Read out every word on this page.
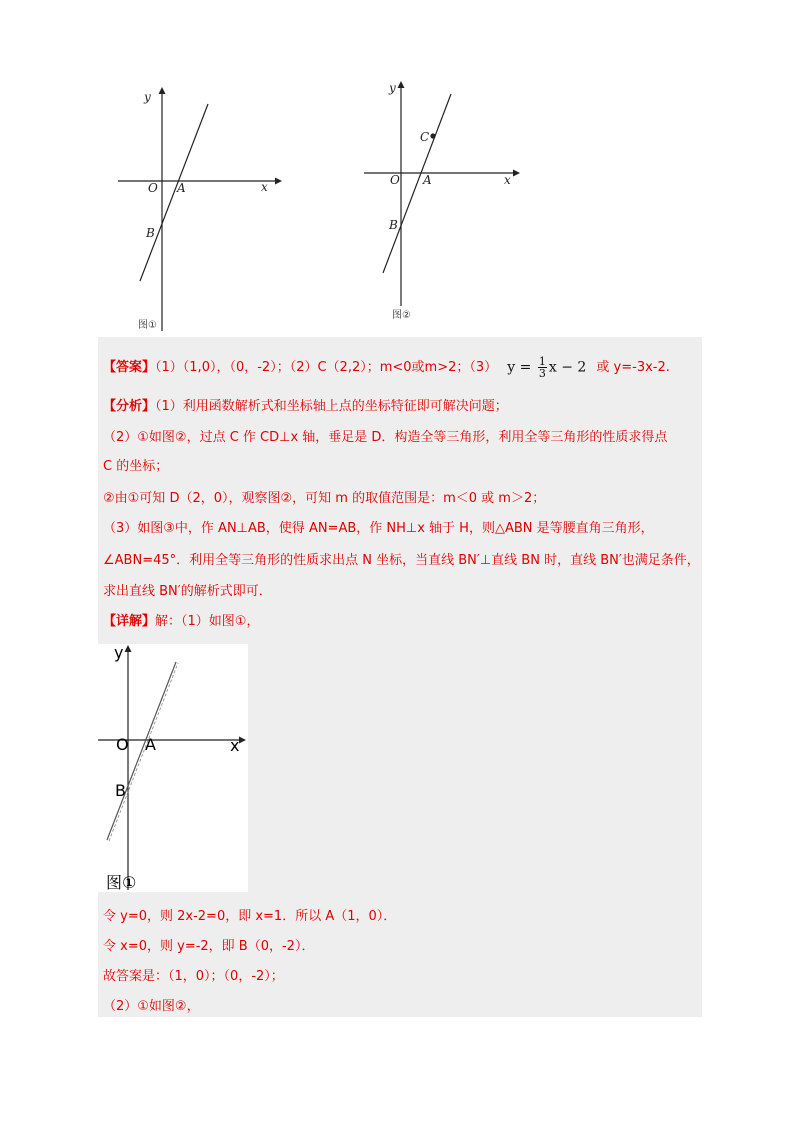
y
x
O A
B
图①
y
x
O A
B
C
图②
【答案】（1）（1,0），（0，-2）；（2）C（2,2）；m<0或m>2；（3） $y = \frac{1}{3}$ x − 2 或 y=-3x-2.
【分析】（1）利用函数解析式和坐标轴上点的坐标特征即可解决问题；
（2）①如图②，过点 C 作 CD⊥x 轴，垂足是 D．构造全等三角形，利用全等三角形的性质求得点
C 的坐标；
②由①可知 D（2，0），观察图②，可知 m 的取值范围是：m＜0 或 m＞2；
（3）如图③中，作 AN⊥AB，使得 AN=AB，作 NH⊥x 轴于 H，则△ABN 是等腰直角三角形，
∠ABN=45°．利用全等三角形的性质求出点 N 坐标，当直线 BN′⊥直线 BN 时，直线 BN′也满足条件，
求出直线 BN′的解析式即可．
【详解】解：（1）如图①，
y
x
O A
B
图①
令 y=0，则 2x-2=0，即 x=1．所以 A（1，0）．
令 x=0，则 y=-2，即 B（0，-2）．
故答案是：（1，0）；（0，-2）；
（2）①如图②，
